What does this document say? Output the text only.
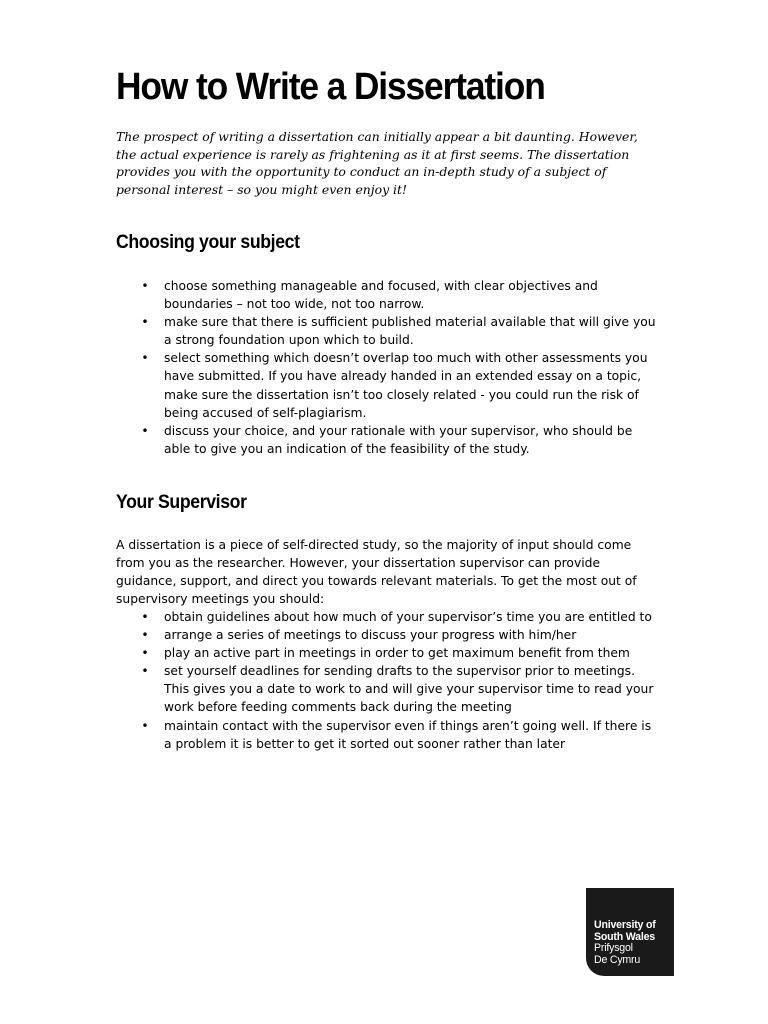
How to Write a Dissertation

The prospect of writing a dissertation can initially appear a bit daunting. However, the actual experience is rarely as frightening as it at first seems. The dissertation provides you with the opportunity to conduct an in-depth study of a subject of personal interest – so you might even enjoy it!

Choosing your subject
• choose something manageable and focused, with clear objectives and boundaries – not too wide, not too narrow.
• make sure that there is sufficient published material available that will give you a strong foundation upon which to build.
• select something which doesn’t overlap too much with other assessments you have submitted. If you have already handed in an extended essay on a topic, make sure the dissertation isn’t too closely related - you could run the risk of being accused of self-plagiarism.
• discuss your choice, and your rationale with your supervisor, who should be able to give you an indication of the feasibility of the study.
Your Supervisor

A dissertation is a piece of self-directed study, so the majority of input should come from you as the researcher. However, your dissertation supervisor can provide guidance, support, and direct you towards relevant materials. To get the most out of supervisory meetings you should:

• obtain guidelines about how much of your supervisor’s time you are entitled to
• arrange a series of meetings to discuss your progress with him/her
• play an active part in meetings in order to get maximum benefit from them
• set yourself deadlines for sending drafts to the supervisor prior to meetings. This gives you a date to work to and will give your supervisor time to read your work before feeding comments back during the meeting
• maintain contact with the supervisor even if things aren’t going well. If there is a problem it is better to get it sorted out sooner rather than later
University of
South Wales
Prifysgol
De Cymru
